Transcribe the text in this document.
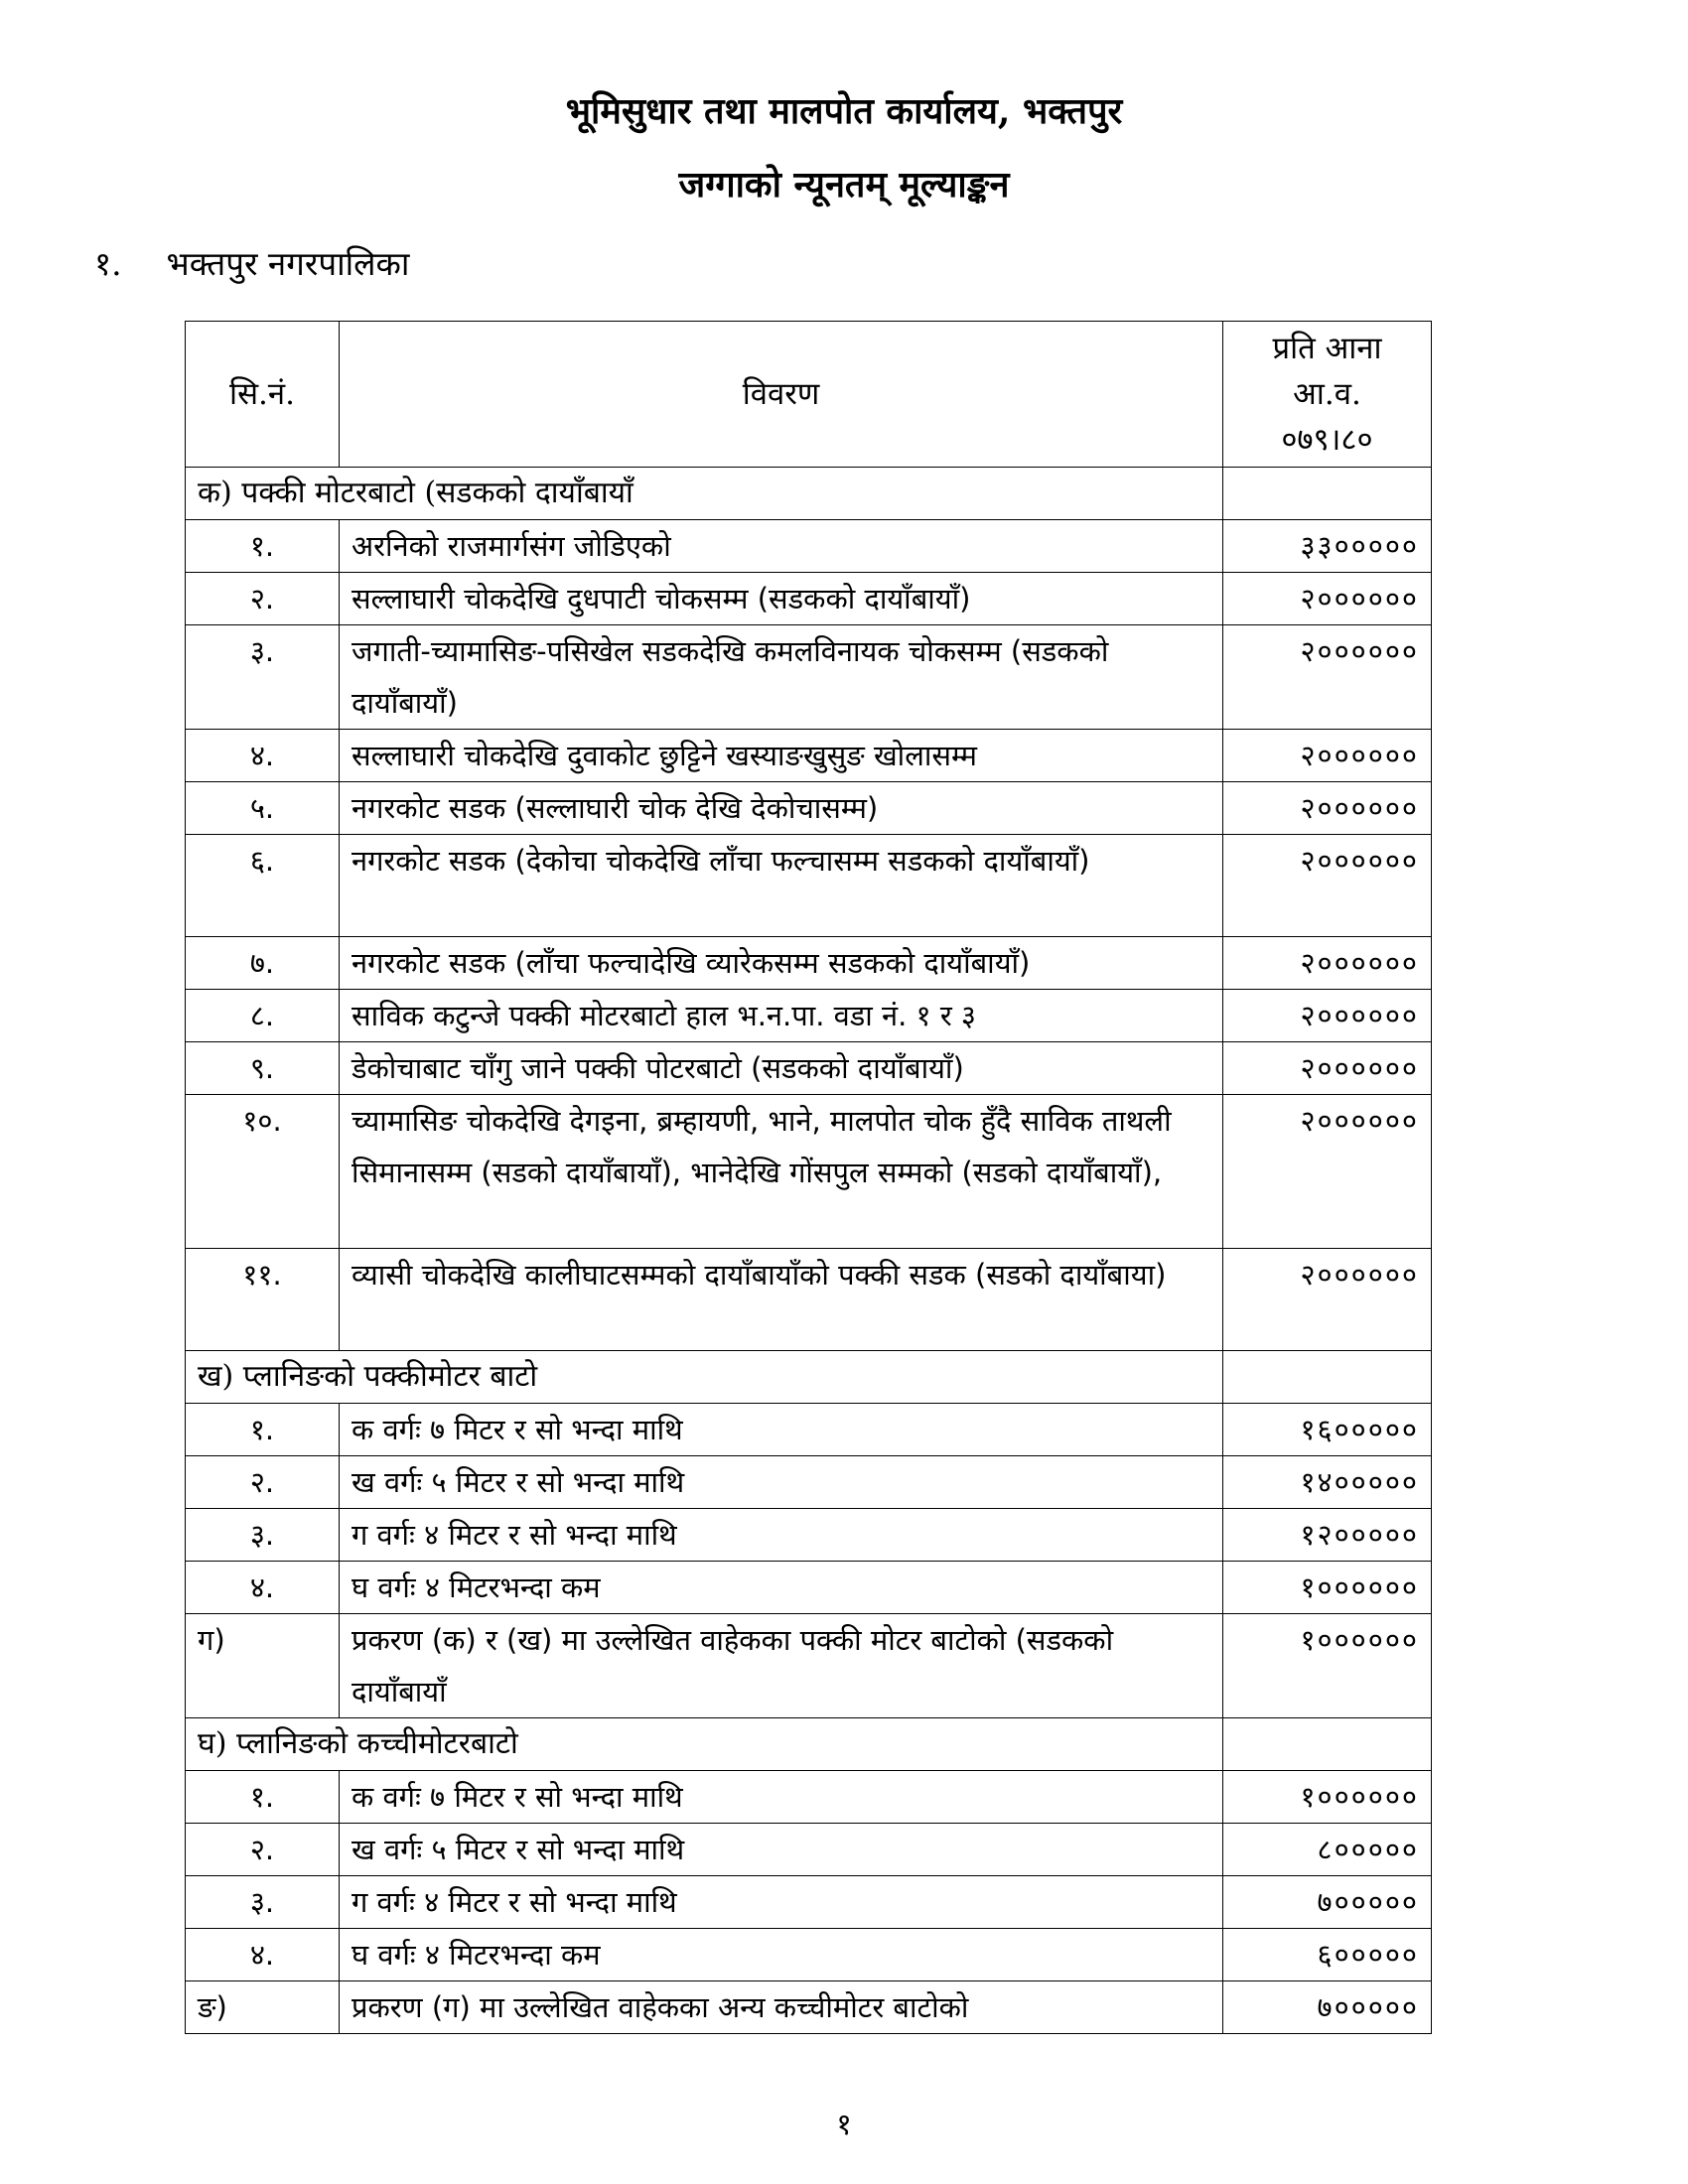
भूमिसुधार तथा मालपोत कार्यालय, भक्तपुर
जग्गाको न्यूनतम् मूल्याङ्कन
१. भक्तपुर नगरपालिका
सि.नं.	विवरण	प्रति आना
आ.व.
०७९।८०

क) पक्की मोटरबाटो (सडकको दायाँबायाँ		
१.	अरनिको राजमार्गसंग जोडिएको	३३०००००
२.	सल्लाघारी चोकदेखि दुधपाटी चोकसम्म (सडकको दायाँबायाँ)	२००००००
३.	जगाती-च्यामासिङ-पसिखेल सडकदेखि कमलविनायक चोकसम्म (सडकको दायाँबायाँ)	२००००००
४.	सल्लाघारी चोकदेखि दुवाकोट छुट्टिने खस्याङखुसुङ खोलासम्म	२००००००
५.	नगरकोट सडक (सल्लाघारी चोक देखि देकोचासम्म)	२००००००
६.	नगरकोट सडक (देकोचा चोकदेखि लाँचा फल्चासम्म सडकको दायाँबायाँ)	२००००००
७.	नगरकोट सडक (लाँचा फल्चादेखि व्यारेकसम्म सडकको दायाँबायाँ)	२००००००
८.	साविक कटुन्जे पक्की मोटरबाटो हाल भ.न.पा. वडा नं. १ र ३	२००००००
९.	डेकोचाबाट चाँगु जाने पक्की पोटरबाटो (सडकको दायाँबायाँ)	२००००००
१०.	च्यामासिङ चोकदेखि देगइना, ब्रम्हायणी, भाने, मालपोत चोक हुँदै साविक ताथली सिमानासम्म (सडको दायाँबायाँ), भानेदेखि गोंसपुल सम्मको (सडको दायाँबायाँ),	२००००००
११.	व्यासी चोकदेखि कालीघाटसम्मको दायाँबायाँको पक्की सडक (सडको दायाँबाया)	२००००००
ख) प्लानिङको पक्कीमोटर बाटो		
१.	क वर्गः ७ मिटर र सो भन्दा माथि	१६०००००
२.	ख वर्गः ५ मिटर र सो भन्दा माथि	१४०००००
३.	ग वर्गः ४ मिटर र सो भन्दा माथि	१२०००००
४.	घ वर्गः ४ मिटरभन्दा कम	१००००००
ग)	प्रकरण (क) र (ख) मा उल्लेखित वाहेकका पक्की मोटर बाटोको (सडकको दायाँबायाँ	१००००००
घ) प्लानिङको कच्चीमोटरबाटो		
१.	क वर्गः ७ मिटर र सो भन्दा माथि	१००००००
२.	ख वर्गः ५ मिटर र सो भन्दा माथि	८०००००
३.	ग वर्गः ४ मिटर र सो भन्दा माथि	७०००००
४.	घ वर्गः ४ मिटरभन्दा कम	६०००००
ङ)	प्रकरण (ग) मा उल्लेखित वाहेकका अन्य कच्चीमोटर बाटोको	७०००००
१
